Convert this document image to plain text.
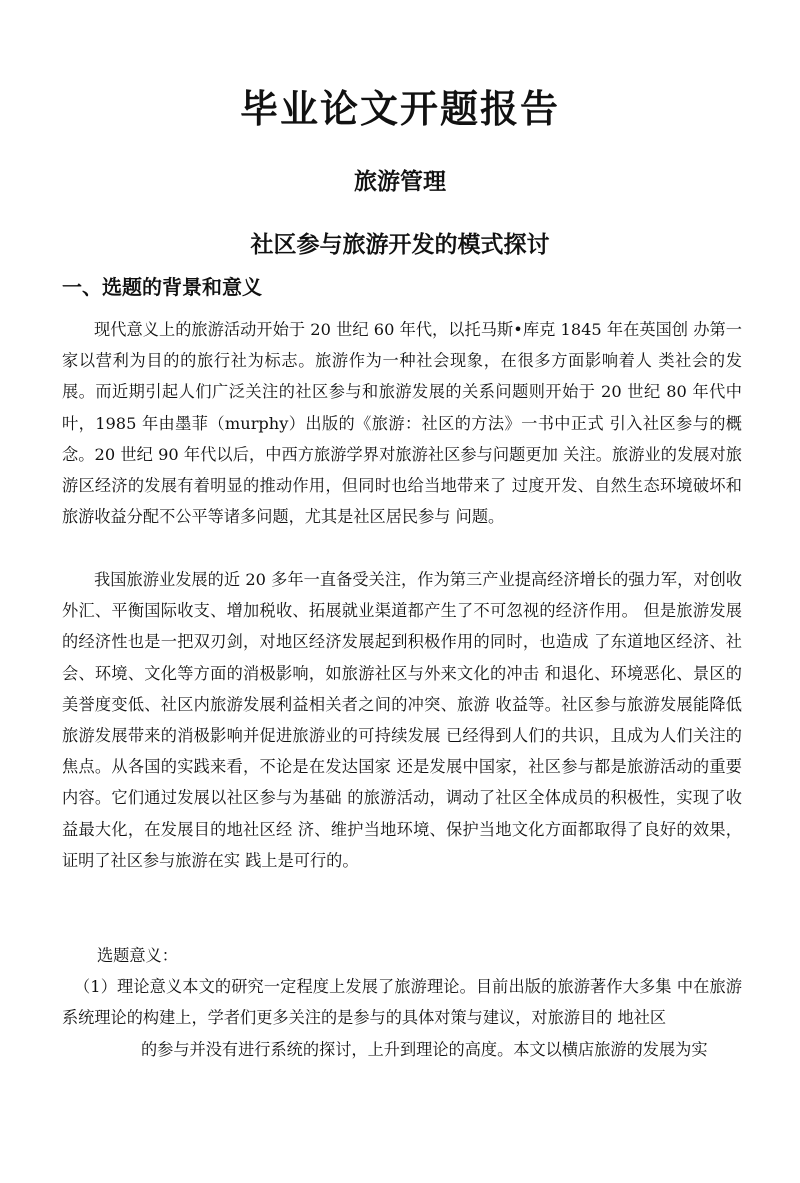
毕业论文开题报告
旅游管理
社区参与旅游开发的模式探讨
一、选题的背景和意义

现代意义上的旅游活动开始于 20 世纪 60 年代，以托马斯•库克 1845 年在英国创 办第一家以营利为目的的旅行社为标志。旅游作为一种社会现象，在很多方面影响着人 类社会的发展。而近期引起人们广泛关注的社区参与和旅游发展的关系问题则开始于 20 世纪 80 年代中叶，1985 年由墨菲（murphy）出版的《旅游：社区的方法》一书中正式 引入社区参与的概念。20 世纪 90 年代以后，中西方旅游学界对旅游社区参与问题更加 关注。旅游业的发展对旅游区经济的发展有着明显的推动作用，但同时也给当地带来了 过度开发、自然生态环境破坏和旅游收益分配不公平等诸多问题，尤其是社区居民参与 问题。

我国旅游业发展的近 20 多年一直备受关注，作为第三产业提高经济增长的强力军，对创收外汇、平衡国际收支、增加税收、拓展就业渠道都产生了不可忽视的经济作用。 但是旅游发展的经济性也是一把双刃剑，对地区经济发展起到积极作用的同时，也造成 了东道地区经济、社会、环境、文化等方面的消极影响，如旅游社区与外来文化的冲击 和退化、环境恶化、景区的美誉度变低、社区内旅游发展利益相关者之间的冲突、旅游 收益等。社区参与旅游发展能降低旅游发展带来的消极影响并促进旅游业的可持续发展 已经得到人们的共识，且成为人们关注的焦点。从各国的实践来看，不论是在发达国家 还是发展中国家，社区参与都是旅游活动的重要内容。它们通过发展以社区参与为基础 的旅游活动，调动了社区全体成员的积极性，实现了收益最大化，在发展目的地社区经 济、维护当地环境、保护当地文化方面都取得了良好的效果，证明了社区参与旅游在实 践上是可行的。

选题意义：

（1）理论意义本文的研究一定程度上发展了旅游理论。目前出版的旅游著作大多集 中在旅游系统理论的构建上，学者们更多关注的是参与的具体对策与建议，对旅游目的 地社区

的参与并没有进行系统的探讨，上升到理论的高度。本文以横店旅游的发展为实
